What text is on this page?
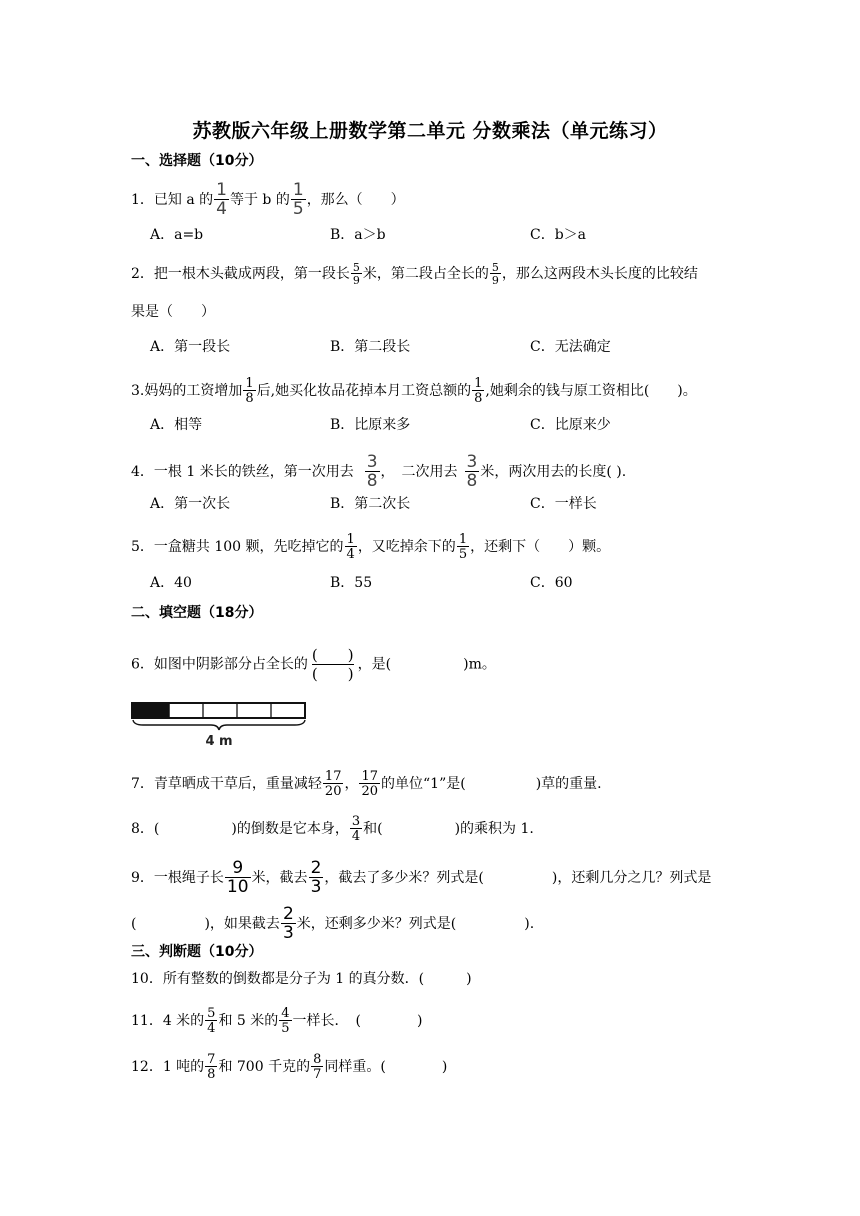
苏教版六年级上册数学第二单元 分数乘法（单元练习）
一、选择题（10分）
1．已知 a 的 $\frac{1}{4}$ 等于 b 的 $\frac{1}{5}$ ，那么（　　）
A．a=b	B．a＞b	C．b＞a
2．把一根木头截成两段，第一段长 $\frac{5}{9}$ 米，第二段占全长的 $\frac{5}{9}$ ，那么这两段木头长度的比较结
果是（　　）
A．第一段长	B．第二段长	C．无法确定
3.妈妈的工资增加 $\frac{1}{8}$ 后,她买化妆品花掉本月工资总额的 $\frac{1}{8}$ ,她剩余的钱与原工资相比(　　)。
A．相等	B．比原来多	C．比原来少
4．一根 1 米长的铁丝，第一次用去 $\frac{3}{8}$ ，　二次用去 $\frac{3}{8}$ 米，两次用去的长度( ).
A．第一次长	B．第二次长	C．一样长
5．一盒糖共 100 颗，先吃掉它的 $\frac{1}{4}$ ，又吃掉余下的 $\frac{1}{5}$ ，还剩下（　　）颗。
A．40	B．55	C．60
二、填空题（18分）
6．如图中阴影部分占全长的
(　　)
(　　)
，是(	)m。
4 m
7．青草晒成干草后，重量减轻 $\frac{17}{20}$ ， $\frac{17}{20}$ 的单位“1”是(	)草的重量.
8．(	)的倒数是它本身， $\frac{3}{4}$ 和(	)的乘积为 1.
9．一根绳子长 $\frac{9}{10}$ 米，截去 $\frac{2}{3}$ ，截去了多少米？列式是(	)，还剩几分之几？列式是
(	)，如果截去 $\frac{2}{3}$ 米，还剩多少米？列式是(	).
三、判断题（10分）
10．所有整数的倒数都是分子为 1 的真分数．(　　　)
11．4 米的 $\frac{5}{4}$ 和 5 米的 $\frac{4}{5}$ 一样长．　(　　　　)
12．1 吨的 $\frac{7}{8}$ 和 700 千克的 $\frac{8}{7}$ 同样重。(　　　　)
